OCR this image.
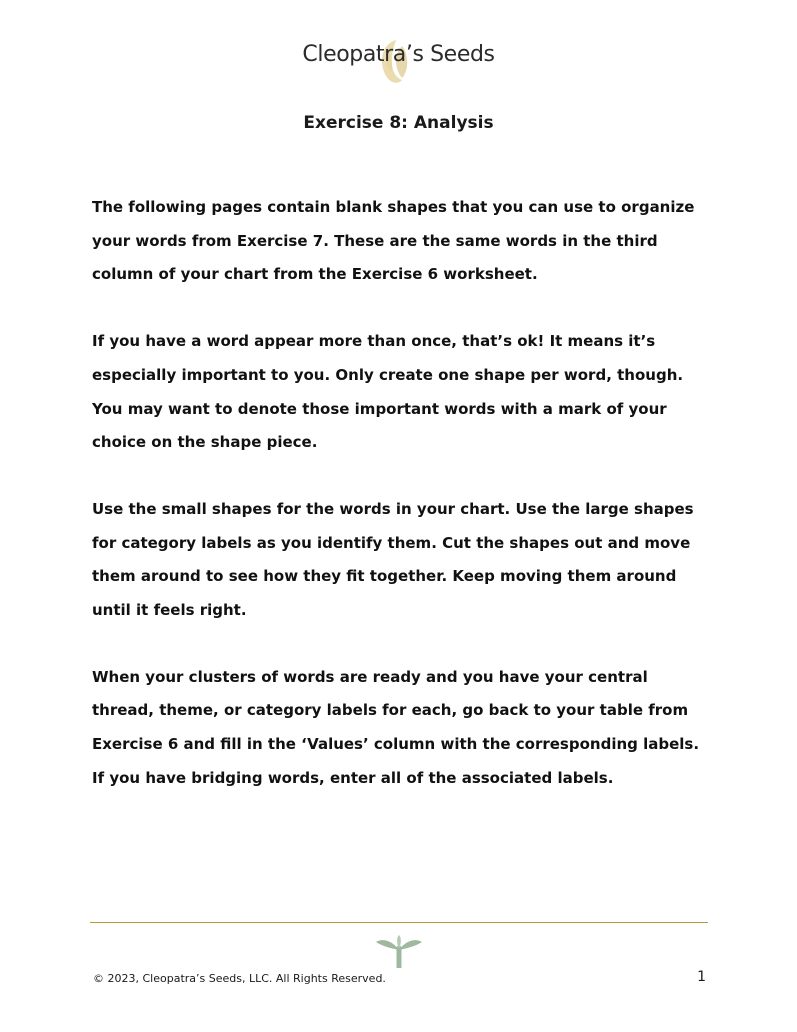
Cleopatra’s Seeds
Exercise 8: Analysis

The following pages contain blank shapes that you can use to organize your words from Exercise 7. These are the same words in the third column of your chart from the Exercise 6 worksheet.

If you have a word appear more than once, that’s ok! It means it’s especially important to you. Only create one shape per word, though. You may want to denote those important words with a mark of your choice on the shape piece.

Use the small shapes for the words in your chart. Use the large shapes for category labels as you identify them. Cut the shapes out and move them around to see how they fit together. Keep moving them around until it feels right.

When your clusters of words are ready and you have your central thread, theme, or category labels for each, go back to your table from Exercise 6 and fill in the ‘Values’ column with the corresponding labels. If you have bridging words, enter all of the associated labels.

© 2023, Cleopatra’s Seeds, LLC. All Rights Reserved.	1
